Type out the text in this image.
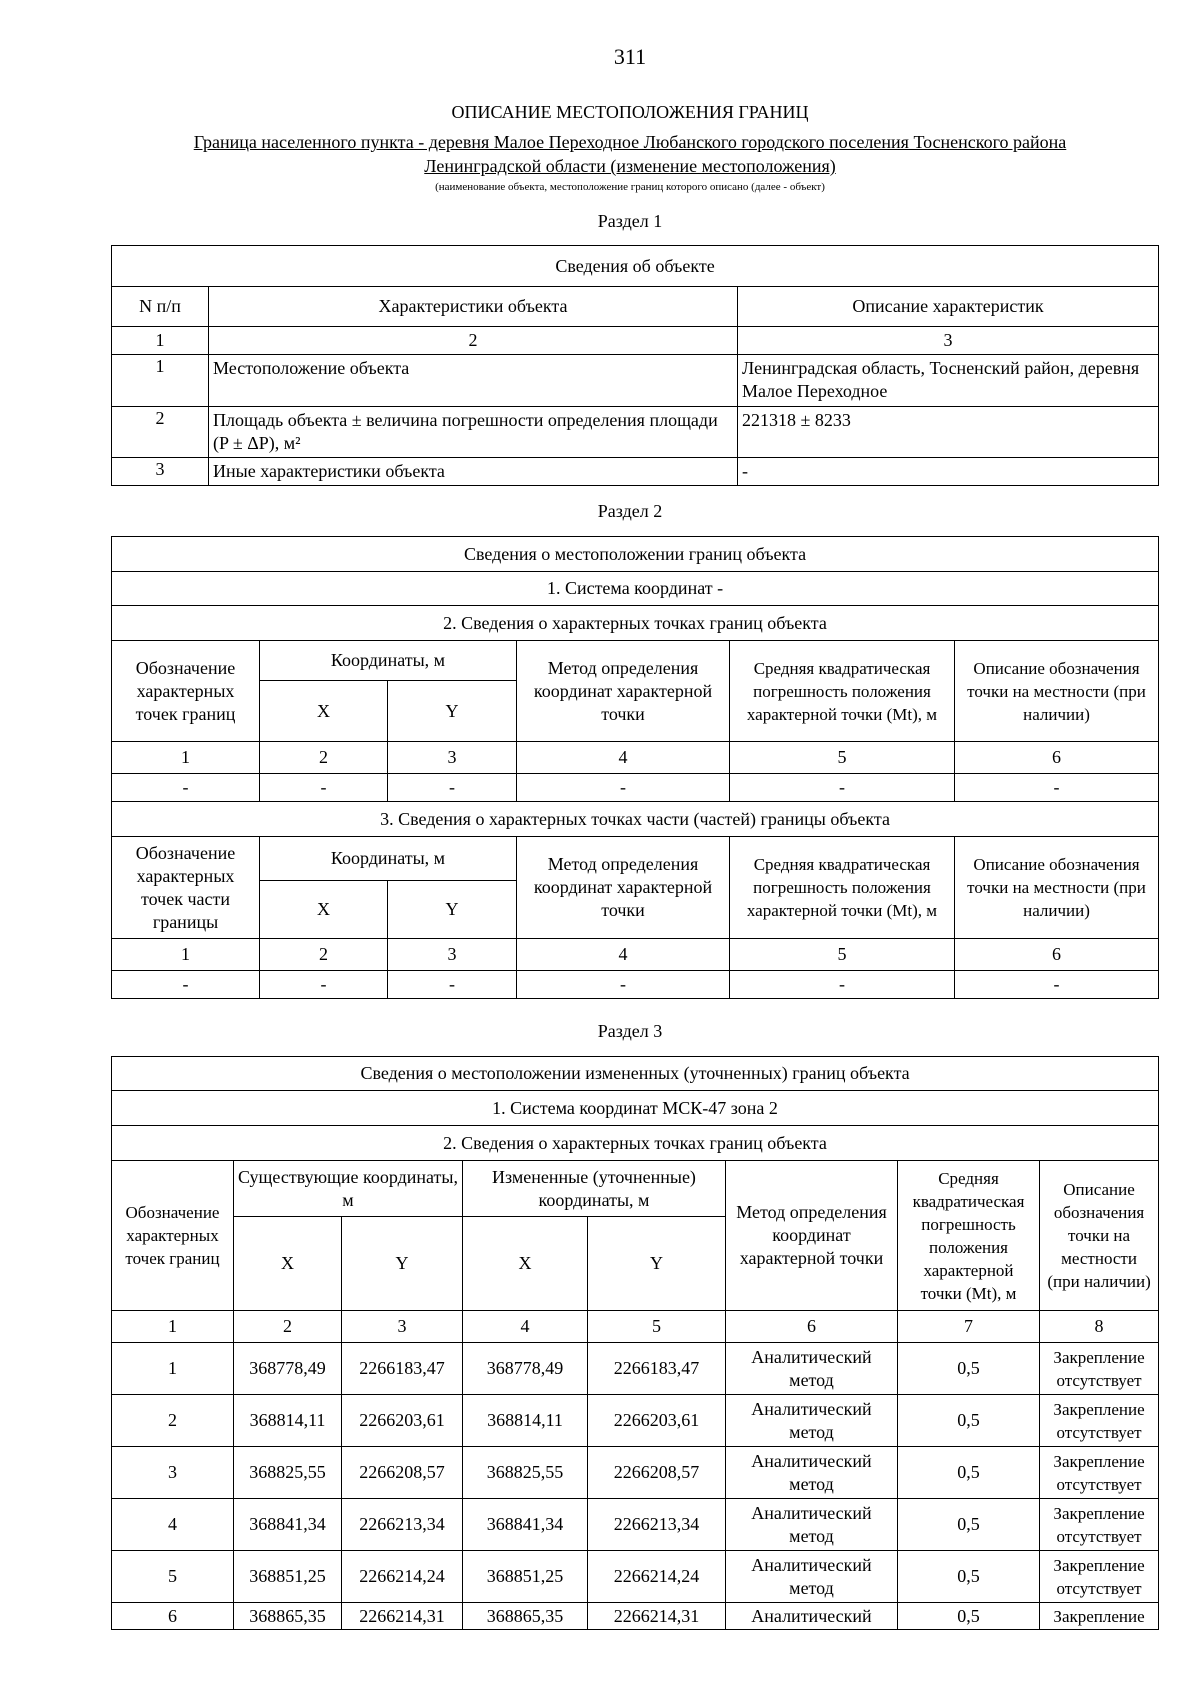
311
ОПИСАНИЕ МЕСТОПОЛОЖЕНИЯ ГРАНИЦ
Граница населенного пункта - деревня Малое Переходное Любанского городского поселения Тосненского района
Ленинградской области (изменение местоположения)
(наименование объекта, местоположение границ которого описано (далее - объект)
Раздел 1
Сведения об объекте		
N п/п	Характеристики объекта	Описание характеристик
1	2	3
1	Местоположение объекта	Ленинградская область, Тосненский район, деревня Малое Переходное
2	Площадь объекта ± величина погрешности определения площади (P ± ΔP), м²	221318 ± 8233
3	Иные характеристики объекта	-
Раздел 2
Сведения о местоположении границ объекта					
1. Система координат -					
2. Сведения о характерных точках границ объекта					
Обозначение характерных точек границ	Координаты, м		Метод определения координат характерной точки	Средняя квадратическая погрешность положения характерной точки (Mt), м	Описание обозначения точки на местности (при наличии)
	X	Y			
1	2	3	4	5	6
-	-	-	-	-	-
3. Сведения о характерных точках части (частей) границы объекта					
Обозначение характерных точек части границы	Координаты, м		Метод определения координат характерной точки	Средняя квадратическая погрешность положения характерной точки (Mt), м	Описание обозначения точки на местности (при наличии)
	X	Y			
1	2	3	4	5	6
-	-	-	-	-	-
Раздел 3
Сведения о местоположении измененных (уточненных) границ объекта							
1. Система координат МСК-47 зона 2							
2. Сведения о характерных точках границ объекта							
Обозначение характерных точек границ	Существующие координаты, м		Измененные (уточненные) координаты, м		Метод определения координат характерной точки	Средняя квадратическая погрешность положения характерной точки (Mt), м	Описание обозначения точки на местности (при наличии)
	X	Y	X	Y			
1	2	3	4	5	6	7	8
1	368778,49	2266183,47	368778,49	2266183,47	Аналитический метод	0,5	Закрепление отсутствует
2	368814,11	2266203,61	368814,11	2266203,61	Аналитический метод	0,5	Закрепление отсутствует
3	368825,55	2266208,57	368825,55	2266208,57	Аналитический метод	0,5	Закрепление отсутствует
4	368841,34	2266213,34	368841,34	2266213,34	Аналитический метод	0,5	Закрепление отсутствует
5	368851,25	2266214,24	368851,25	2266214,24	Аналитический метод	0,5	Закрепление отсутствует
6	368865,35	2266214,31	368865,35	2266214,31	Аналитический	0,5	Закрепление
